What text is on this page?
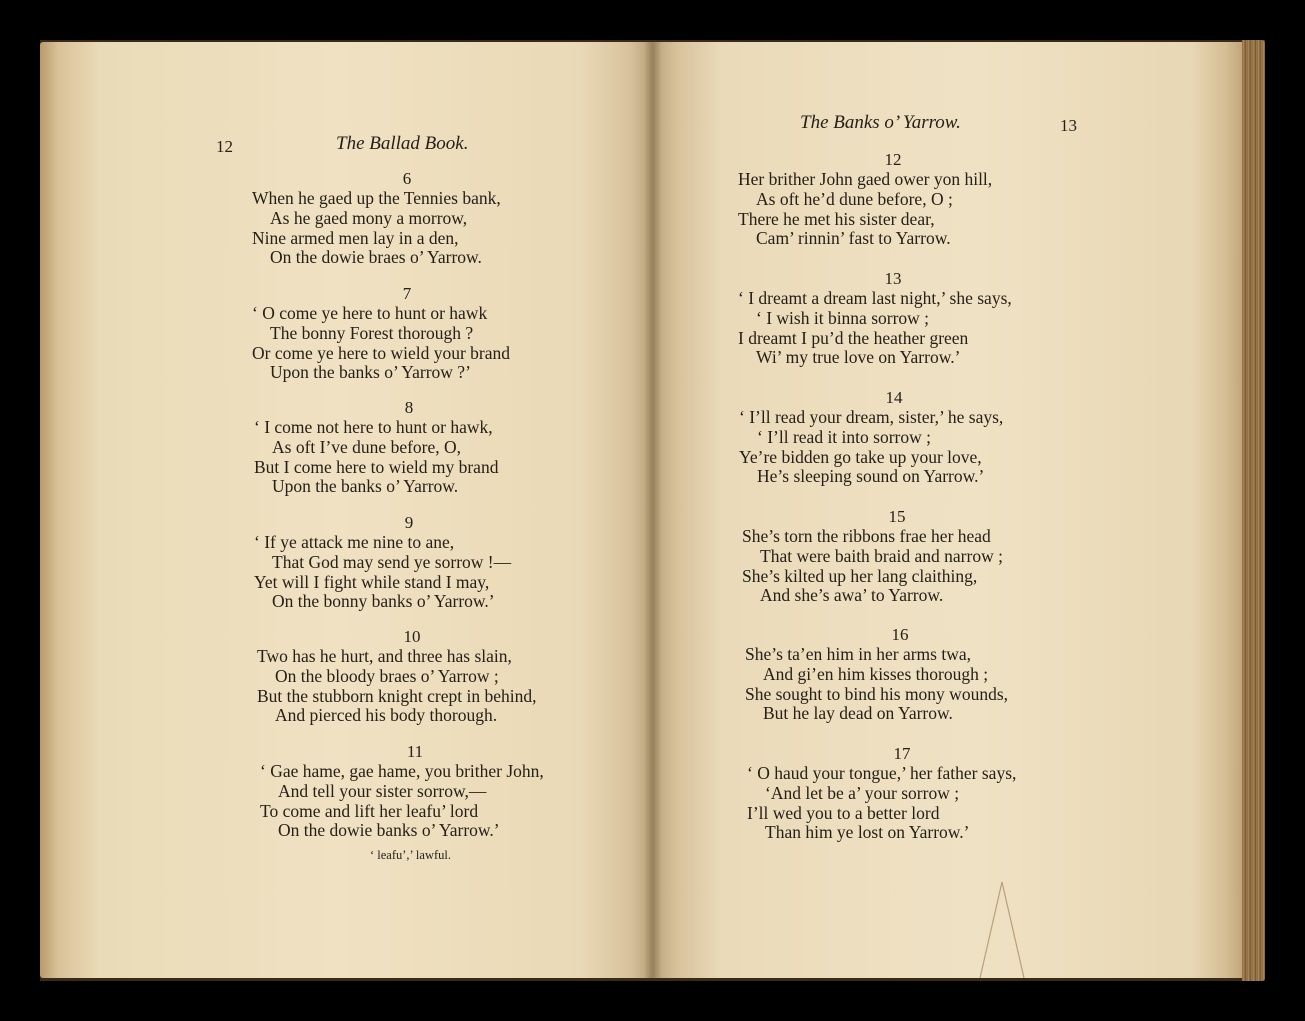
12	The Ballad Book.
6
When he gaed up the Tennies bank,
As he gaed mony a morrow,
Nine armed men lay in a den,
On the dowie braes o’ Yarrow.
7
‘ O come ye here to hunt or hawk
The bonny Forest thorough ?
Or come ye here to wield your brand
Upon the banks o’ Yarrow ?’
8
‘ I come not here to hunt or hawk,
As oft I’ve dune before, O,
But I come here to wield my brand
Upon the banks o’ Yarrow.
9
‘ If ye attack me nine to ane,
That God may send ye sorrow !—
Yet will I fight while stand I may,
On the bonny banks o’ Yarrow.’
10
Two has he hurt, and three has slain,
On the bloody braes o’ Yarrow ;
But the stubborn knight crept in behind,
And pierced his body thorough.
11
‘ Gae hame, gae hame, you brither John,
And tell your sister sorrow,—
To come and lift her leafu’ lord
On the dowie banks o’ Yarrow.’
‘ leafu’,’ lawful.
The Banks o’ Yarrow.	13
12
Her brither John gaed ower yon hill,
As oft he’d dune before, O ;
There he met his sister dear,
Cam’ rinnin’ fast to Yarrow.
13
‘ I dreamt a dream last night,’ she says,
‘ I wish it binna sorrow ;
I dreamt I pu’d the heather green
Wi’ my true love on Yarrow.’
14
‘ I’ll read your dream, sister,’ he says,
‘ I’ll read it into sorrow ;
Ye’re bidden go take up your love,
He’s sleeping sound on Yarrow.’
15
She’s torn the ribbons frae her head
That were baith braid and narrow ;
She’s kilted up her lang claithing,
And she’s awa’ to Yarrow.
16
She’s ta’en him in her arms twa,
And gi’en him kisses thorough ;
She sought to bind his mony wounds,
But he lay dead on Yarrow.
17
‘ O haud your tongue,’ her father says,
‘And let be a’ your sorrow ;
I’ll wed you to a better lord
Than him ye lost on Yarrow.’
